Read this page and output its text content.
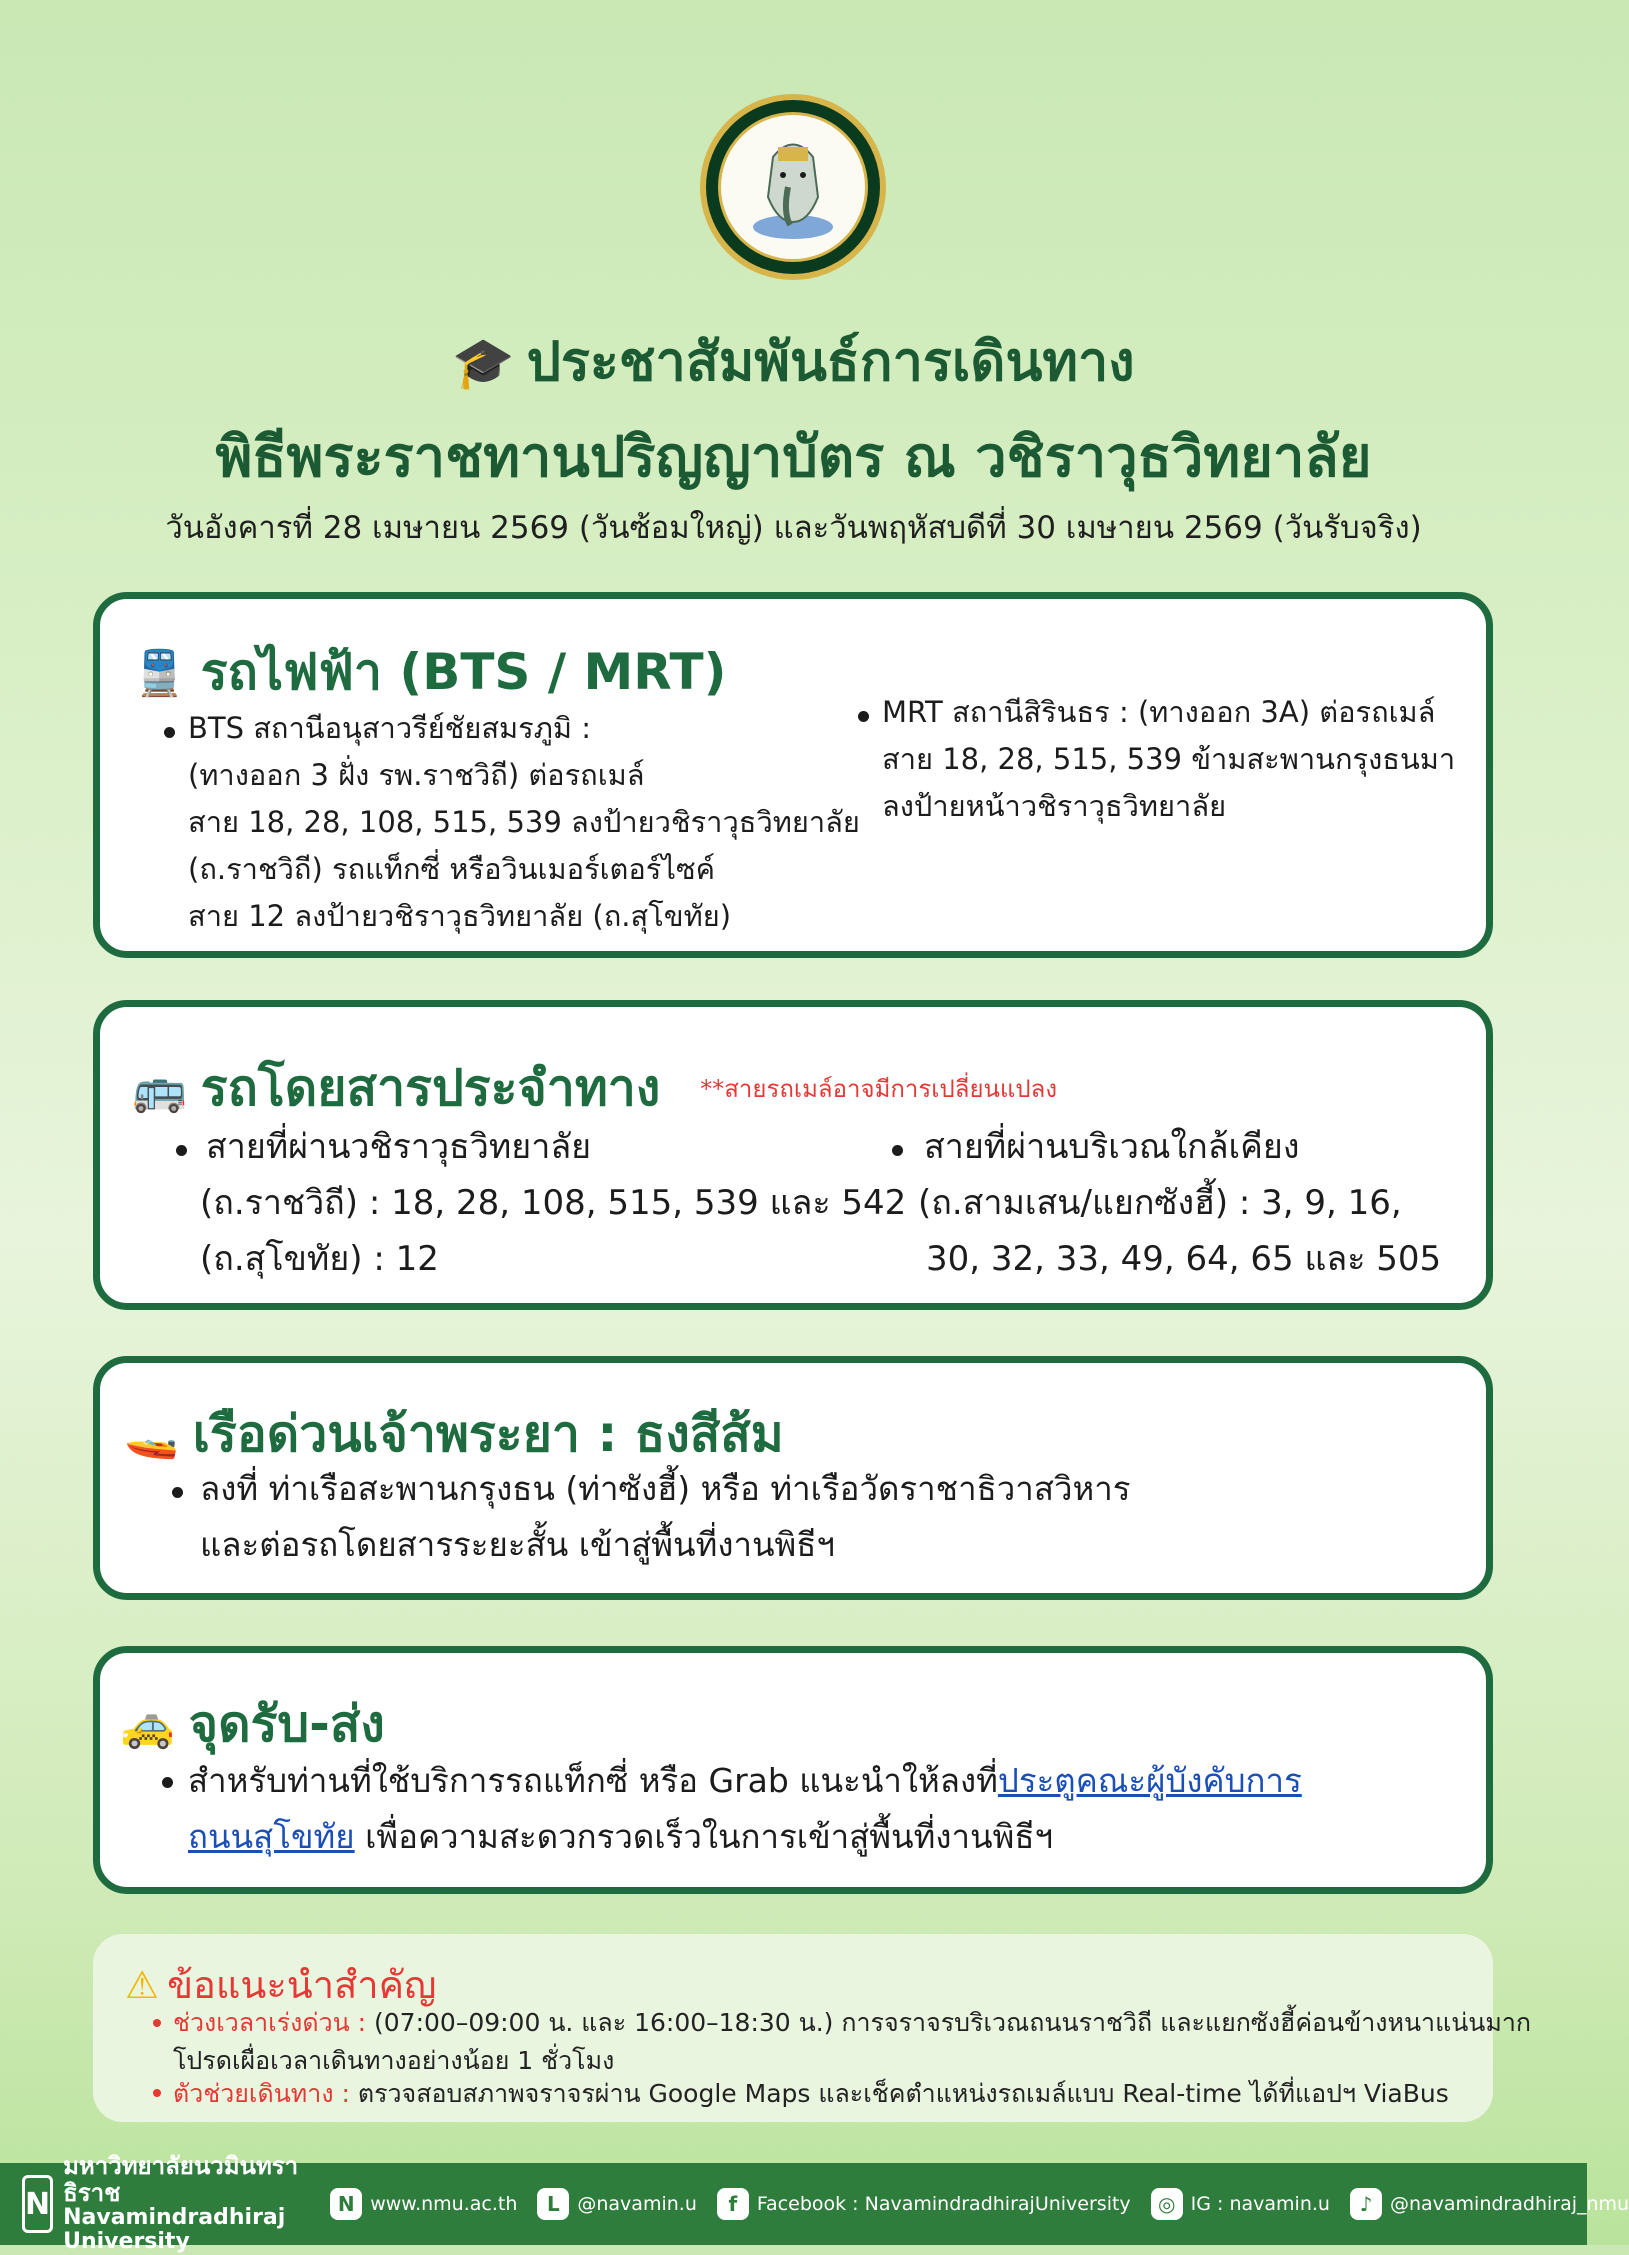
🎓 ประชาสัมพันธ์การเดินทาง
พิธีพระราชทานปริญญาบัตร ณ วชิราวุธวิทยาลัย
วันอังคารที่ 28 เมษายน 2569 (วันซ้อมใหญ่) และวันพฤหัสบดีที่ 30 เมษายน 2569 (วันรับจริง)
🚆 รถไฟฟ้า (BTS / MRT)
BTS สถานีอนุสาวรีย์ชัยสมรภูมิ :
(ทางออก 3 ฝั่ง รพ.ราชวิถี) ต่อรถเมล์
สาย 18, 28, 108, 515, 539 ลงป้ายวชิราวุธวิทยาลัย
(ถ.ราชวิถี) รถแท็กซี่ หรือวินเมอร์เตอร์ไซค์
สาย 12 ลงป้ายวชิราวุธวิทยาลัย (ถ.สุโขทัย)
MRT สถานีสิรินธร : (ทางออก 3A) ต่อรถเมล์
สาย 18, 28, 515, 539 ข้ามสะพานกรุงธนมา
ลงป้ายหน้าวชิราวุธวิทยาลัย
🚌 รถโดยสารประจำทาง **สายรถเมล์อาจมีการเปลี่ยนแปลง
สายที่ผ่านวชิราวุธวิทยาลัย
(ถ.ราชวิถี) : 18, 28, 108, 515, 539 และ 542
(ถ.สุโขทัย) : 12
สายที่ผ่านบริเวณใกล้เคียง
(ถ.สามเสน/แยกซังฮี้) : 3, 9, 16,
30, 32, 33, 49, 64, 65 และ 505
🚤 เรือด่วนเจ้าพระยา : ธงสีส้ม
ลงที่ ท่าเรือสะพานกรุงธน (ท่าซังฮี้) หรือ ท่าเรือวัดราชาธิวาสวิหาร
และต่อรถโดยสารระยะสั้น เข้าสู่พื้นที่งานพิธีฯ
🚕 จุดรับ-ส่ง
สำหรับท่านที่ใช้บริการรถแท็กซี่ หรือ Grab แนะนำให้ลงที่ประตูคณะผู้บังคับการ
ถนนสุโขทัย เพื่อความสะดวกรวดเร็วในการเข้าสู่พื้นที่งานพิธีฯ
⚠ ข้อแนะนำสำคัญ
ช่วงเวลาเร่งด่วน : (07:00–09:00 น. และ 16:00–18:30 น.) การจราจรบริเวณถนนราชวิถี และแยกซังฮี้ค่อนข้างหนาแน่นมาก
โปรดเผื่อเวลาเดินทางอย่างน้อย 1 ชั่วโมง
ตัวช่วยเดินทาง : ตรวจสอบสภาพจราจรผ่าน Google Maps และเช็คตำแหน่งรถเมล์แบบ Real-time ได้ที่แอปฯ ViaBus
N
มหาวิทยาลัยนวมินทราธิราช
Navamindradhiraj University
N www.nmu.ac.th	L @navamin.u	f	Facebook : NavamindradhirajUniversity	◎ IG : navamin.u	♪ @navamindradhiraj_nmu
